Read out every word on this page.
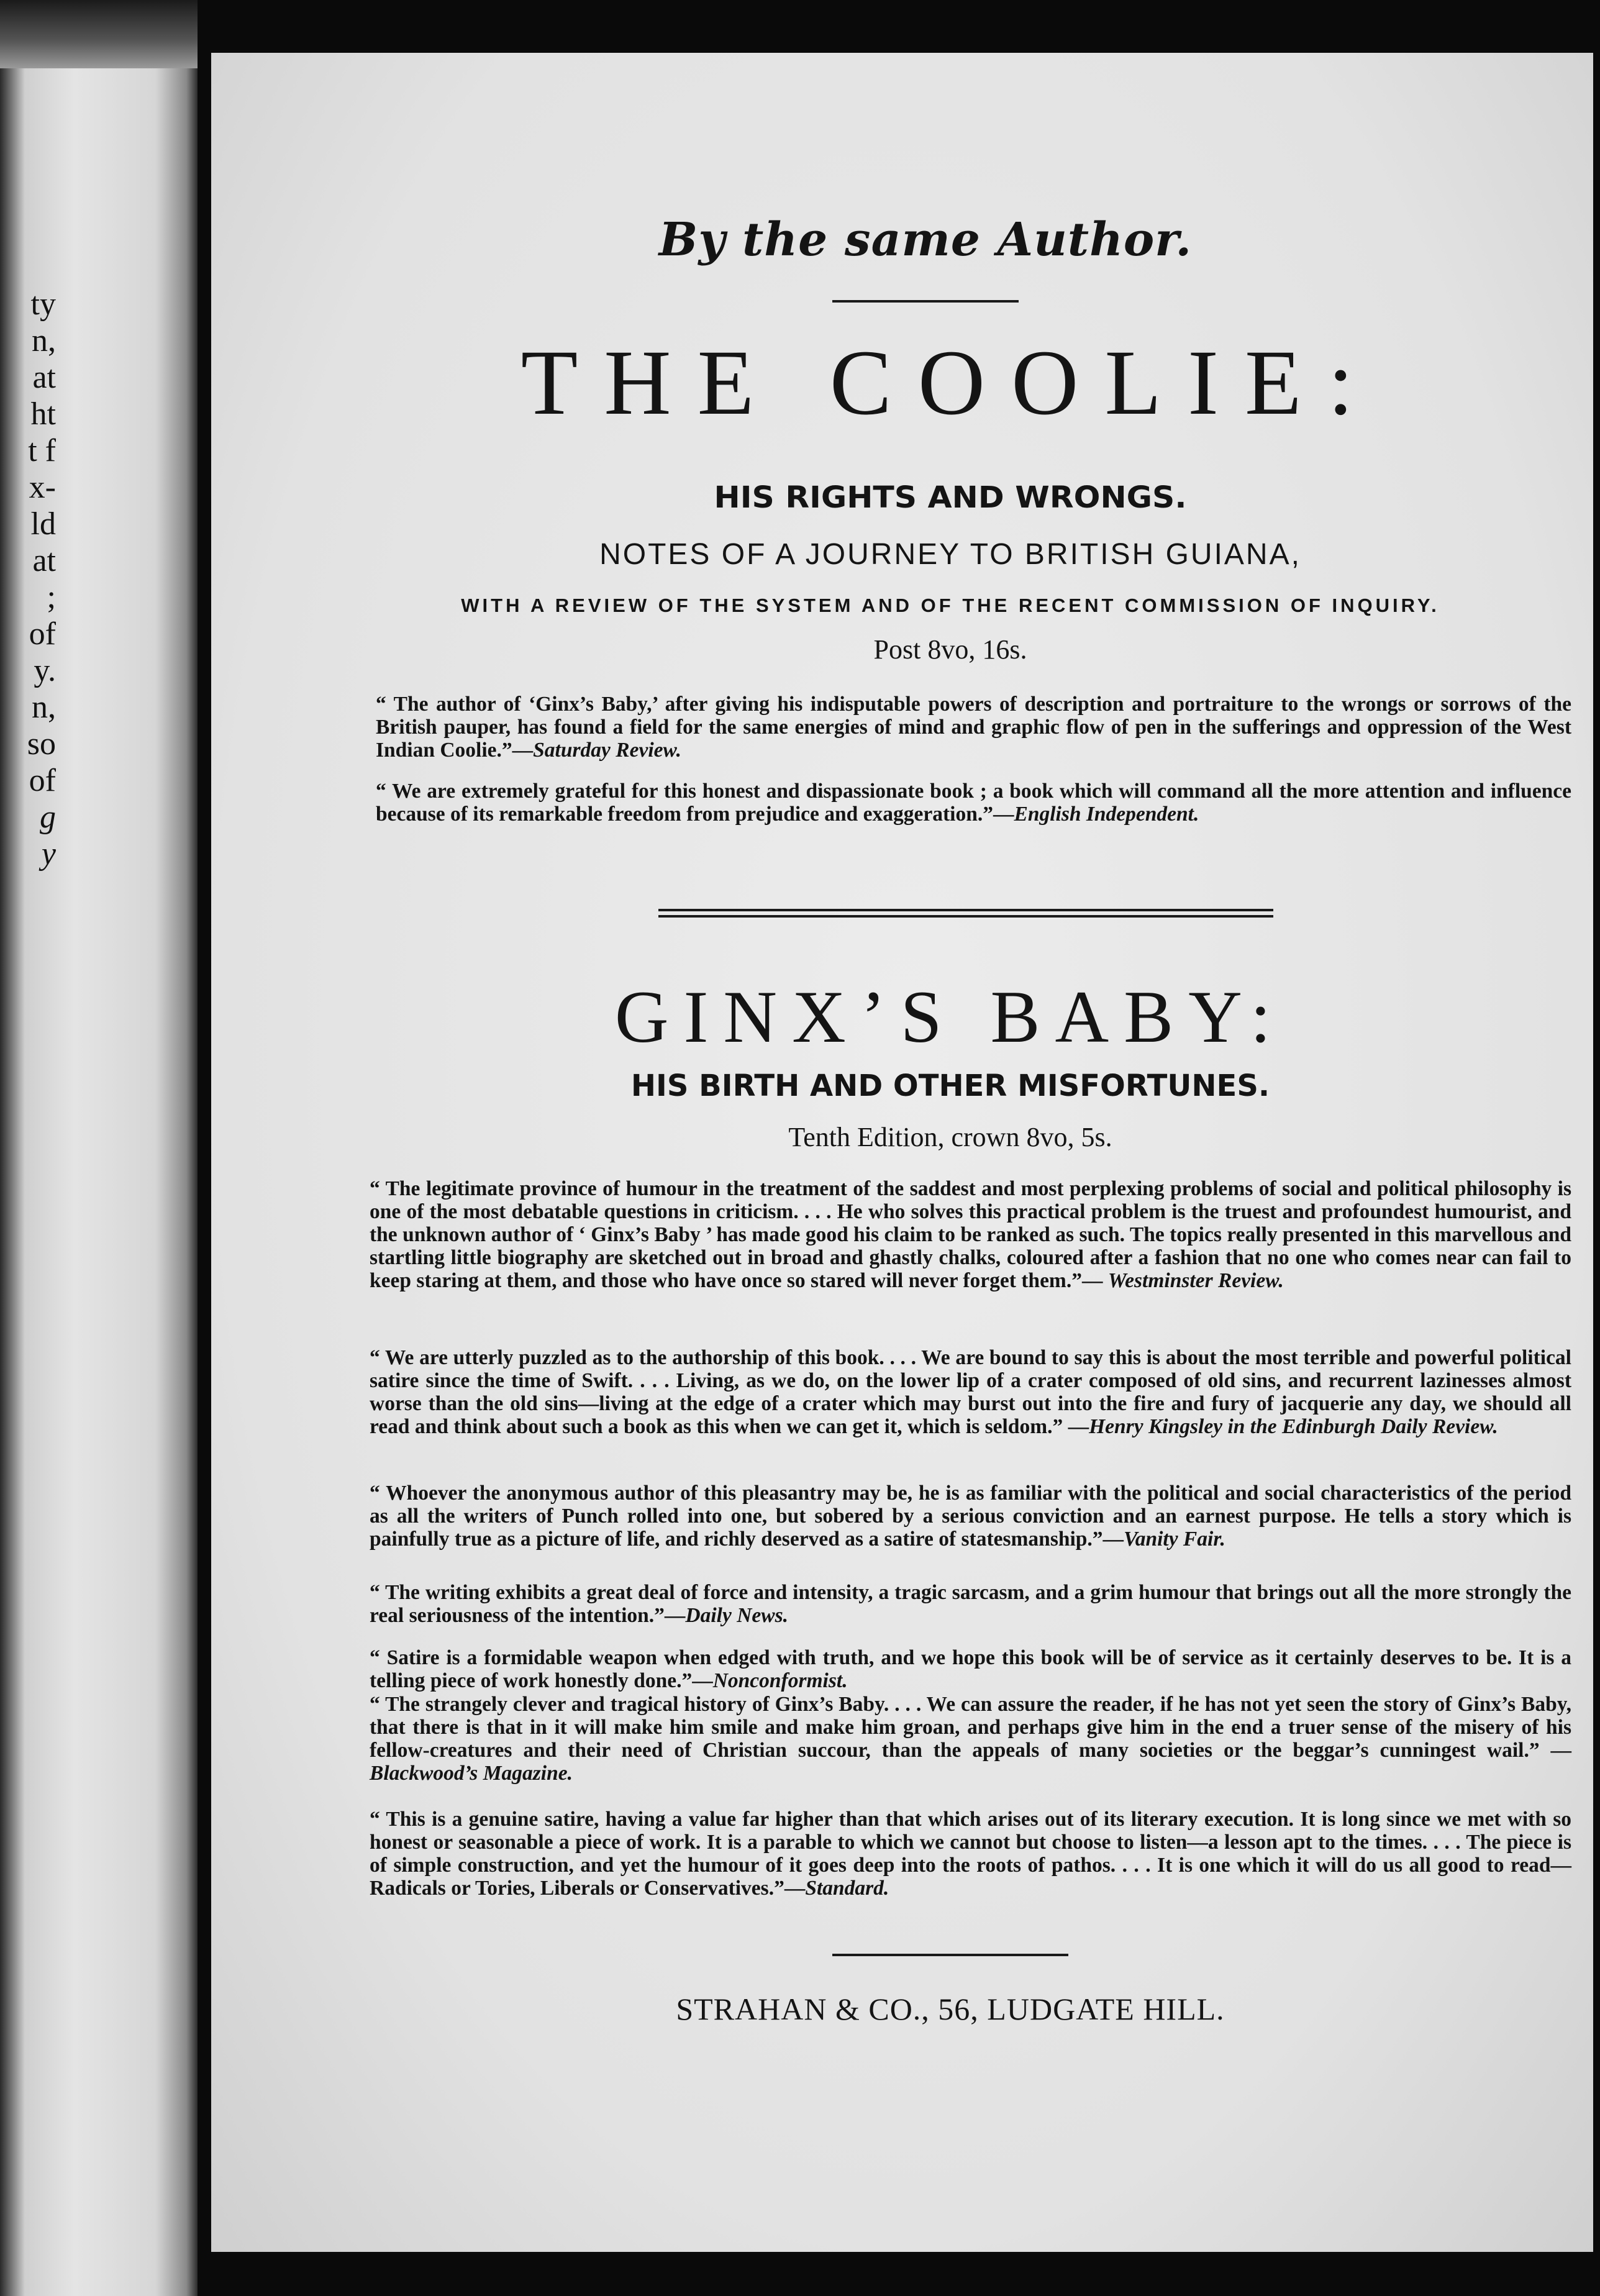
ty
n,
at
ht
t f
x-
ld
at
;
of
y.
n,
so
of
g
y
By the same Author.
THE COOLIE:
HIS RIGHTS AND WRONGS.
NOTES OF A JOURNEY TO BRITISH GUIANA,
WITH A REVIEW OF THE SYSTEM AND OF THE RECENT COMMISSION OF INQUIRY.
Post 8vo, 16s.
“ The author of ‘Ginx’s Baby,’ after giving his indisputable powers of description and portraiture to the wrongs or sorrows of the British pauper, has found a field for the same energies of mind and graphic flow of pen in the sufferings and oppression of the West Indian Coolie.”—Saturday Review.
“ We are extremely grateful for this honest and dispassionate book ; a book which will command all the more attention and influence because of its remarkable freedom from prejudice and exaggeration.”—English Independent.
GINX’S BABY:
HIS BIRTH AND OTHER MISFORTUNES.
Tenth Edition, crown 8vo, 5s.
“ The legitimate province of humour in the treatment of the saddest and most perplexing problems of social and political philosophy is one of the most debatable questions in criticism. . . . He who solves this practical problem is the truest and profoundest humourist, and the unknown author of ‘ Ginx’s Baby ’ has made good his claim to be ranked as such. The topics really presented in this marvellous and startling little biography are sketched out in broad and ghastly chalks, coloured after a fashion that no one who comes near can fail to keep staring at them, and those who have once so stared will never forget them.”— Westminster Review.
“ We are utterly puzzled as to the authorship of this book. . . . We are bound to say this is about the most terrible and powerful political satire since the time of Swift. . . . Living, as we do, on the lower lip of a crater composed of old sins, and recurrent lazinesses almost worse than the old sins—living at the edge of a crater which may burst out into the fire and fury of jacquerie any day, we should all read and think about such a book as this when we can get it, which is seldom.” —Henry Kingsley in the Edinburgh Daily Review.
“ Whoever the anonymous author of this pleasantry may be, he is as familiar with the political and social characteristics of the period as all the writers of Punch rolled into one, but sobered by a serious conviction and an earnest purpose. He tells a story which is painfully true as a picture of life, and richly deserved as a satire of statesmanship.”—Vanity Fair.
“ The writing exhibits a great deal of force and intensity, a tragic sarcasm, and a grim humour that brings out all the more strongly the real seriousness of the intention.”—Daily News.
“ Satire is a formidable weapon when edged with truth, and we hope this book will be of service as it certainly deserves to be. It is a telling piece of work honestly done.”—Nonconformist.
“ The strangely clever and tragical history of Ginx’s Baby. . . . We can assure the reader, if he has not yet seen the story of Ginx’s Baby, that there is that in it will make him smile and make him groan, and perhaps give him in the end a truer sense of the misery of his fellow-creatures and their need of Christian succour, than the appeals of many societies or the beggar’s cunningest wail.” —Blackwood’s Magazine.
“ This is a genuine satire, having a value far higher than that which arises out of its literary execution. It is long since we met with so honest or seasonable a piece of work. It is a parable to which we cannot but choose to listen—a lesson apt to the times. . . . The piece is of simple construction, and yet the humour of it goes deep into the roots of pathos. . . . It is one which it will do us all good to read—Radicals or Tories, Liberals or Conservatives.”—Standard.
STRAHAN & CO., 56, LUDGATE HILL.
